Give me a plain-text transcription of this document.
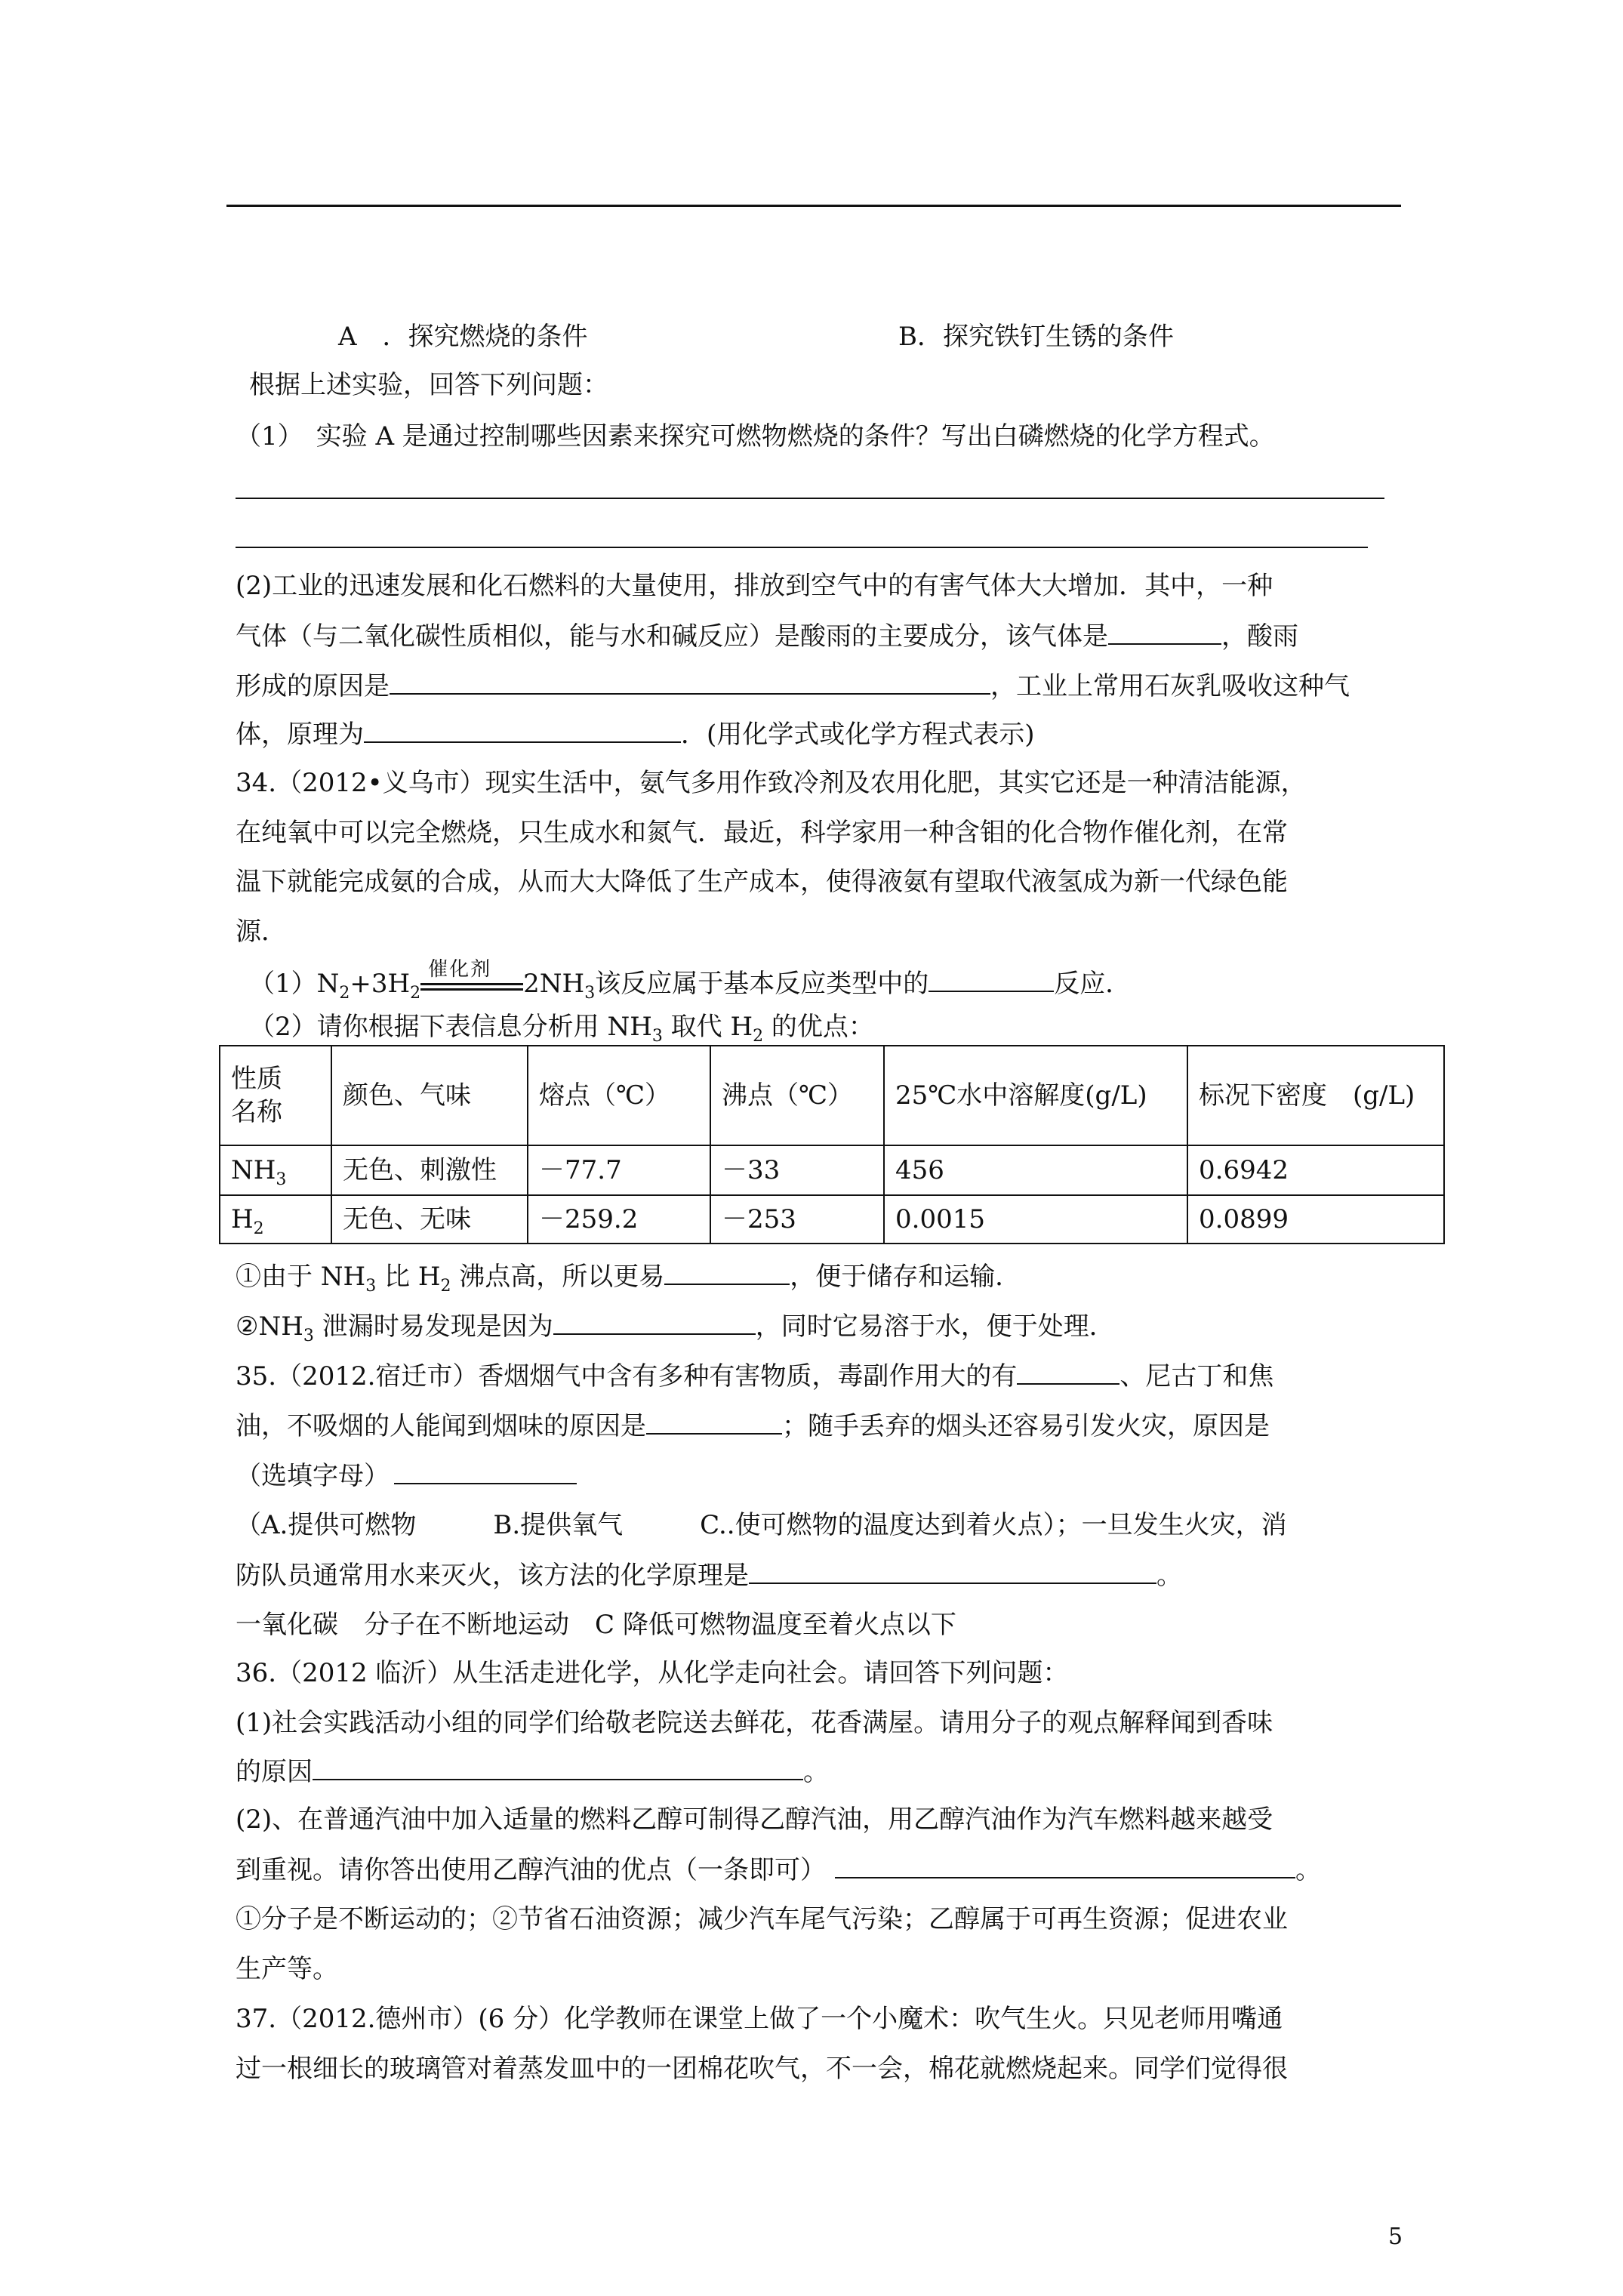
A　．探究燃烧的条件	B．探究铁钉生锈的条件
根据上述实验，回答下列问题：
（1）　实验 A 是通过控制哪些因素来探究可燃物燃烧的条件？写出白磷燃烧的化学方程式。
(2)工业的迅速发展和化石燃料的大量使用，排放到空气中的有害气体大大增加．其中，一种
气体（与二氧化碳性质相似，能与水和碱反应）是酸雨的主要成分，该气体是	，酸雨
形成的原因是	，工业上常用石灰乳吸收这种气
体，原理为	．(用化学式或化学方程式表示)
34.（2012•义乌市）现实生活中，氨气多用作致冷剂及农用化肥，其实它还是一种清洁能源，
在纯氧中可以完全燃烧，只生成水和氮气．最近，科学家用一种含钼的化合物作催化剂，在常
温下就能完成氨的合成，从而大大降低了生产成本，使得液氨有望取代液氢成为新一代绿色能
源．
$(1)N_2+3H_2$
催化剂 $2NH_3$该反应属于基本反应类型中的	反应．
（2）请你根据下表信息分析用 $NH_3$ 取代 $H_2$ 的优点：
性质
名称	颜色、气味	熔点（℃）	沸点（℃）	25℃水中溶解度(g/L)	标况下密度　(g/L)
$NH_3$	无色、刺激性	－77.7	－33	456	0.6942
$H_2$	无色、无味	－259.2	－253	0.0015	0.0899
①由于 $NH_3$ 比 $H_2$ 沸点高，所以更易	，便于储存和运输．
$②NH_3$ 泄漏时易发现是因为	，同时它易溶于水，便于处理．
35.（2012.宿迁市）香烟烟气中含有多种有害物质，毒副作用大的有	、尼古丁和焦
油，不吸烟的人能闻到烟味的原因是	；随手丢弃的烟头还容易引发火灾，原因是
（选填字母）
（A.提供可燃物　　　B.提供氧气　　　C..使可燃物的温度达到着火点）；一旦发生火灾，消
防队员通常用水来灭火，该方法的化学原理是	。
一氧化碳　分子在不断地运动　C 降低可燃物温度至着火点以下
36.（2012 临沂）从生活走进化学，从化学走向社会。请回答下列问题：
(1)社会实践活动小组的同学们给敬老院送去鲜花，花香满屋。请用分子的观点解释闻到香味
的原因	。
(2)、在普通汽油中加入适量的燃料乙醇可制得乙醇汽油，用乙醇汽油作为汽车燃料越来越受
到重视。请你答出使用乙醇汽油的优点（一条即可）	。
①分子是不断运动的；②节省石油资源；减少汽车尾气污染；乙醇属于可再生资源；促进农业
生产等。
37.（2012.德州市）(6 分）化学教师在课堂上做了一个小魔术：吹气生火。只见老师用嘴通
过一根细长的玻璃管对着蒸发皿中的一团棉花吹气，不一会，棉花就燃烧起来。同学们觉得很
5
